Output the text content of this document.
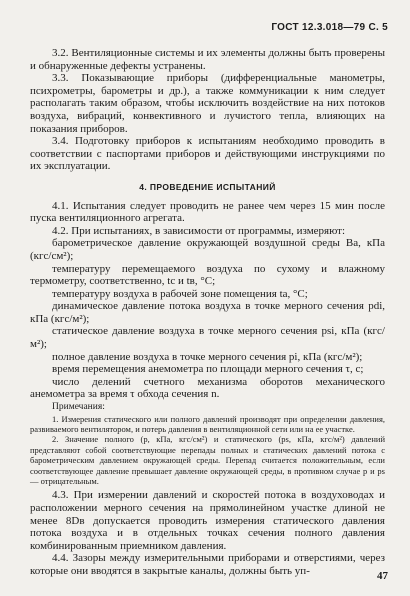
ГОСТ 12.3.018—79 С. 5

3.2. Вентиляционные системы и их элементы должны быть проверены и обнаруженные дефекты устранены.

3.3. Показывающие приборы (дифференциальные манометры, психрометры, барометры и др.), а также коммуникации к ним следует располагать таким образом, чтобы исключить воздействие на них потоков воздуха, вибраций, конвективного и лучистого тепла, влияющих на показания приборов.

3.4. Подготовку приборов к испытаниям необходимо проводить в соответствии с паспортами приборов и действующими инструкциями по их эксплуатации.

4. ПРОВЕДЕНИЕ ИСПЫТАНИЙ

4.1. Испытания следует проводить не ранее чем через 15 мин после пуска вентиляционного агрегата.

4.2. При испытаниях, в зависимости от программы, измеряют:

барометрическое давление окружающей воздушной среды Bа, кПа (кгс/см²);

температуру перемещаемого воздуха по сухому и влажному термометру, соответственно, tс и tв, °С;

температуру воздуха в рабочей зоне помещения tа, °С;

динамическое давление потока воздуха в точке мерного сечения pdi, кПа (кгс/м²);

статическое давление воздуха в точке мерного сечения psi, кПа (кгс/м²);

полное давление воздуха в точке мерного сечения pi, кПа (кгс/м²);

время перемещения анемометра по площади мерного сечения τ, с;

число делений счетного механизма оборотов механического анемометра за время τ обхода сечения n.

Примечания:

1. Измерения статического или полного давлений производят при определении давления, развиваемого вентилятором, и потерь давления в вентиляционной сети или на ее участке.

2. Значение полного (p, кПа, кгс/см²) и статического (ps, кПа, кгс/м²) давлений представляют собой соответствующие перепады полных и статических давлений потока с барометрическим давлением окружающей среды. Перепад считается положительным, если соответствующее давление превышает давление окружающей среды, в противном случае p и ps — отрицательным.

4.3. При измерении давлений и скоростей потока в воздуховодах и расположении мерного сечения на прямолинейном участке длиной не менее 8Dв допускается проводить измерения статического давления потока воздуха и в отдельных точках сечения полного давления комбинированным приемником давления.

4.4. Зазоры между измерительными приборами и отверстиями, через которые они вводятся в закрытые каналы, должны быть уп-	47
